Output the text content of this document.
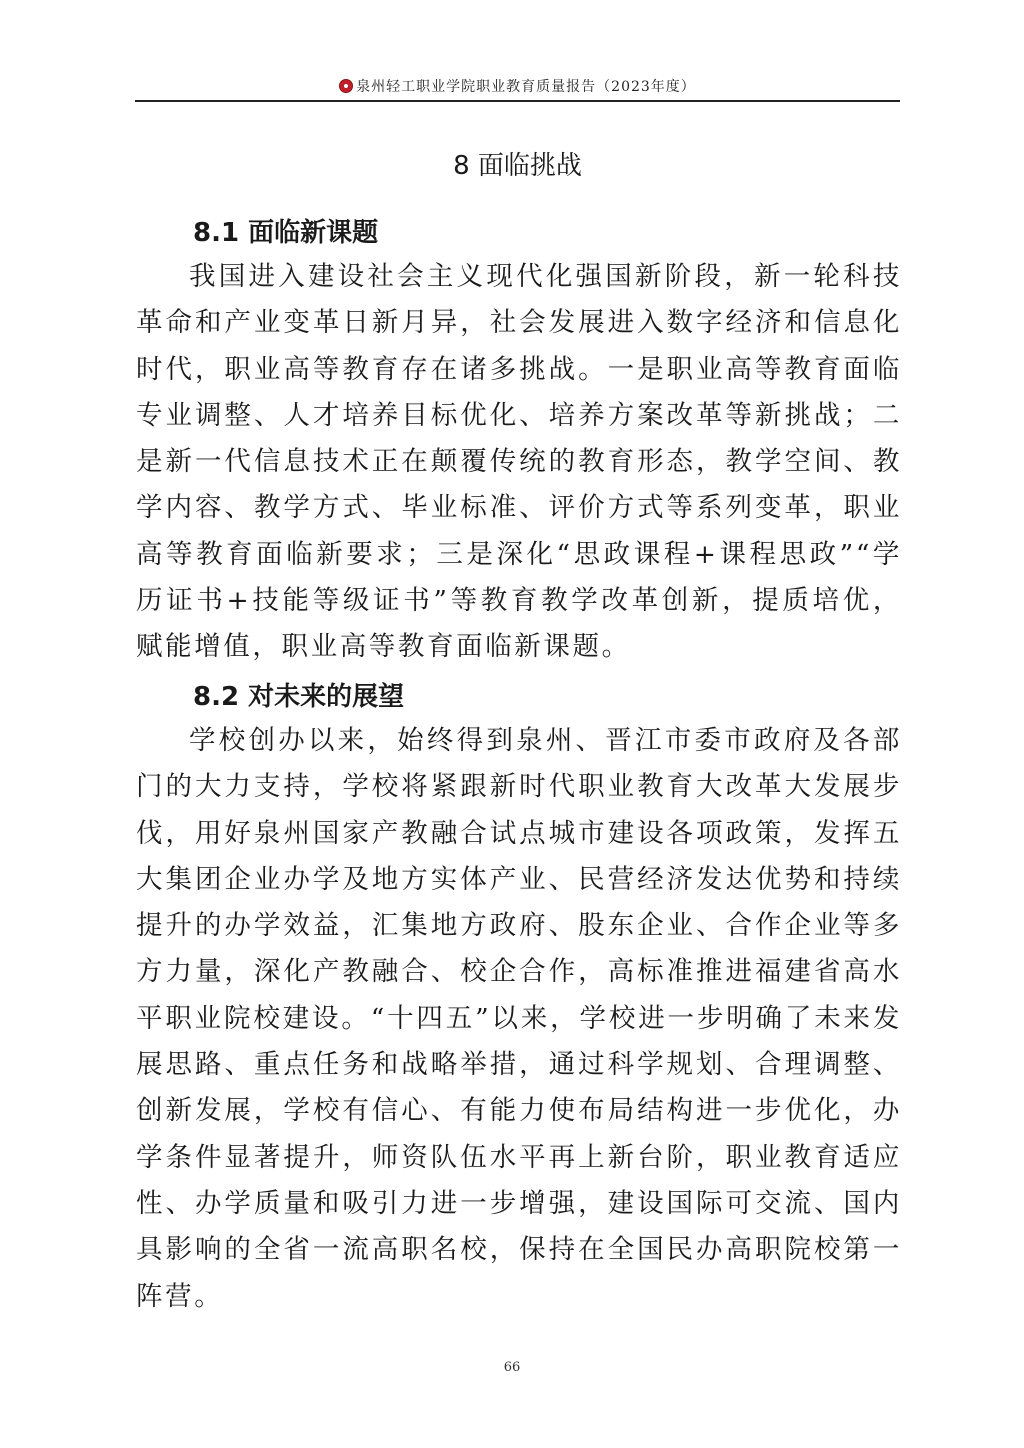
泉州轻工职业学院职业教育质量报告（2023年度）
8 面临挑战
8.1 面临新课题

我国进入建设社会主义现代化强国新阶段，新一轮科技革命和产业变革日新月异，社会发展进入数字经济和信息化时代，职业高等教育存在诸多挑战。一是职业高等教育面临专业调整、人才培养目标优化、培养方案改革等新挑战；二是新一代信息技术正在颠覆传统的教育形态，教学空间、教学内容、教学方式、毕业标准、评价方式等系列变革，职业高等教育面临新要求；三是深化“思政课程+课程思政”“学历证书+技能等级证书”等教育教学改革创新，提质培优，赋能增值，职业高等教育面临新课题。

8.2 对未来的展望

学校创办以来，始终得到泉州、晋江市委市政府及各部门的大力支持，学校将紧跟新时代职业教育大改革大发展步伐，用好泉州国家产教融合试点城市建设各项政策，发挥五大集团企业办学及地方实体产业、民营经济发达优势和持续提升的办学效益，汇集地方政府、股东企业、合作企业等多方力量，深化产教融合、校企合作，高标准推进福建省高水平职业院校建设。“十四五”以来，学校进一步明确了未来发展思路、重点任务和战略举措，通过科学规划、合理调整、创新发展，学校有信心、有能力使布局结构进一步优化，办学条件显著提升，师资队伍水平再上新台阶，职业教育适应性、办学质量和吸引力进一步增强，建设国际可交流、国内具影响的全省一流高职名校，保持在全国民办高职院校第一阵营。

66
